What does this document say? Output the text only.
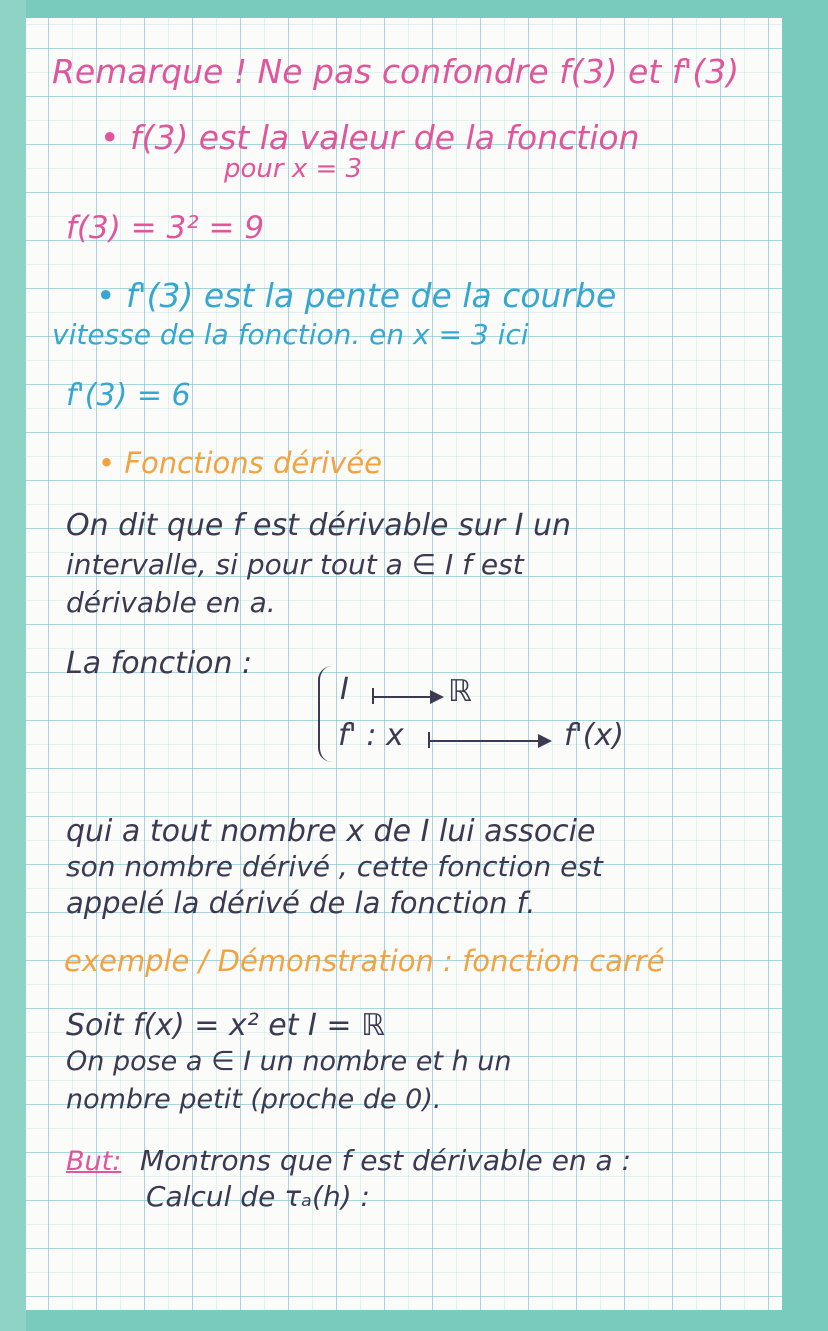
Remarque ! Ne pas confondre f(3) et f'(3)
• f(3) est la valeur de la fonction
pour x = 3
f(3) = 3² = 9
• f'(3) est la pente de la courbe
vitesse de la fonction. en x = 3 ici
f'(3) = 6
• Fonctions dérivée
On dit que f est dérivable sur I un
intervalle, si pour tout a ∈ I f est
dérivable en a.
La fonction :
I	ℝ
f' : x	f'(x)
qui a tout nombre x de I lui associe
son nombre dérivé , cette fonction est
appelé la dérivé de la fonction f.
exemple / Démonstration : fonction carré
Soit f(x) = x² et I = ℝ
On pose a ∈ I un nombre et h un
nombre petit (proche de 0).
But: Montrons que f est dérivable en a :
Calcul de τₐ(h) :
